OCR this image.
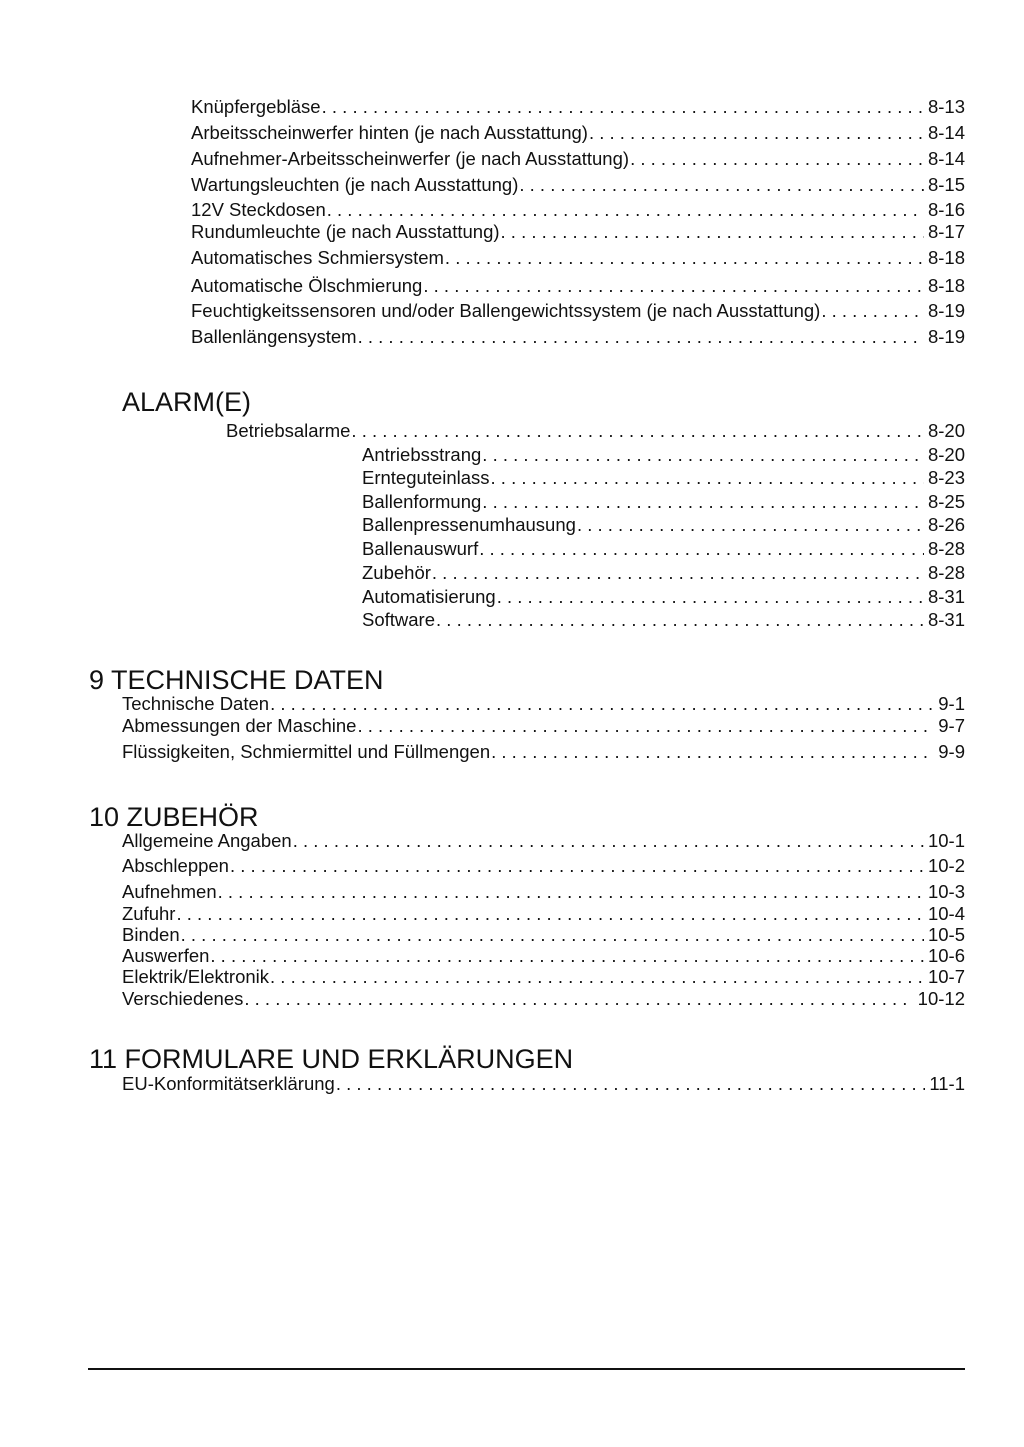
Knüpfergebläse . . .	8-13
Arbeitsscheinwerfer hinten (je nach Ausstattung) . . .	8-14
Aufnehmer-Arbeitsscheinwerfer (je nach Ausstattung) . . .	8-14
Wartungsleuchten (je nach Ausstattung) . . .	8-15
12V Steckdosen . . .	8-16
Rundumleuchte (je nach Ausstattung) . . .	8-17
Automatisches Schmiersystem . . .	8-18
Automatische Ölschmierung . . .	8-18
Feuchtigkeitssensoren und/oder Ballengewichtssystem (je nach Ausstattung) . . .	8-19
Ballenlängensystem . . .	8-19
ALARM(E)
Betriebsalarme . . .	8-20
Antriebsstrang . . .	8-20
Ernteguteinlass . . .	8-23
Ballenformung . . .	8-25
Ballenpressenumhausung . . .	8-26
Ballenauswurf . . .	8-28
Zubehör . . .	8-28
Automatisierung . . .	8-31
Software . . .	8-31
9 TECHNISCHE DATEN
Technische Daten . . .	9-1
Abmessungen der Maschine . . .	9-7
Flüssigkeiten, Schmiermittel und Füllmengen . . .	9-9
10 ZUBEHÖR
Allgemeine Angaben . . .	10-1
Abschleppen . . .	10-2
Aufnehmen . . .	10-3
Zufuhr . . .	10-4
Binden . . .	10-5
Auswerfen . . .	10-6
Elektrik/Elektronik . . .	10-7
Verschiedenes . . .	10-12
11 FORMULARE UND ERKLÄRUNGEN
EU-Konformitätserklärung . . .	11-1
